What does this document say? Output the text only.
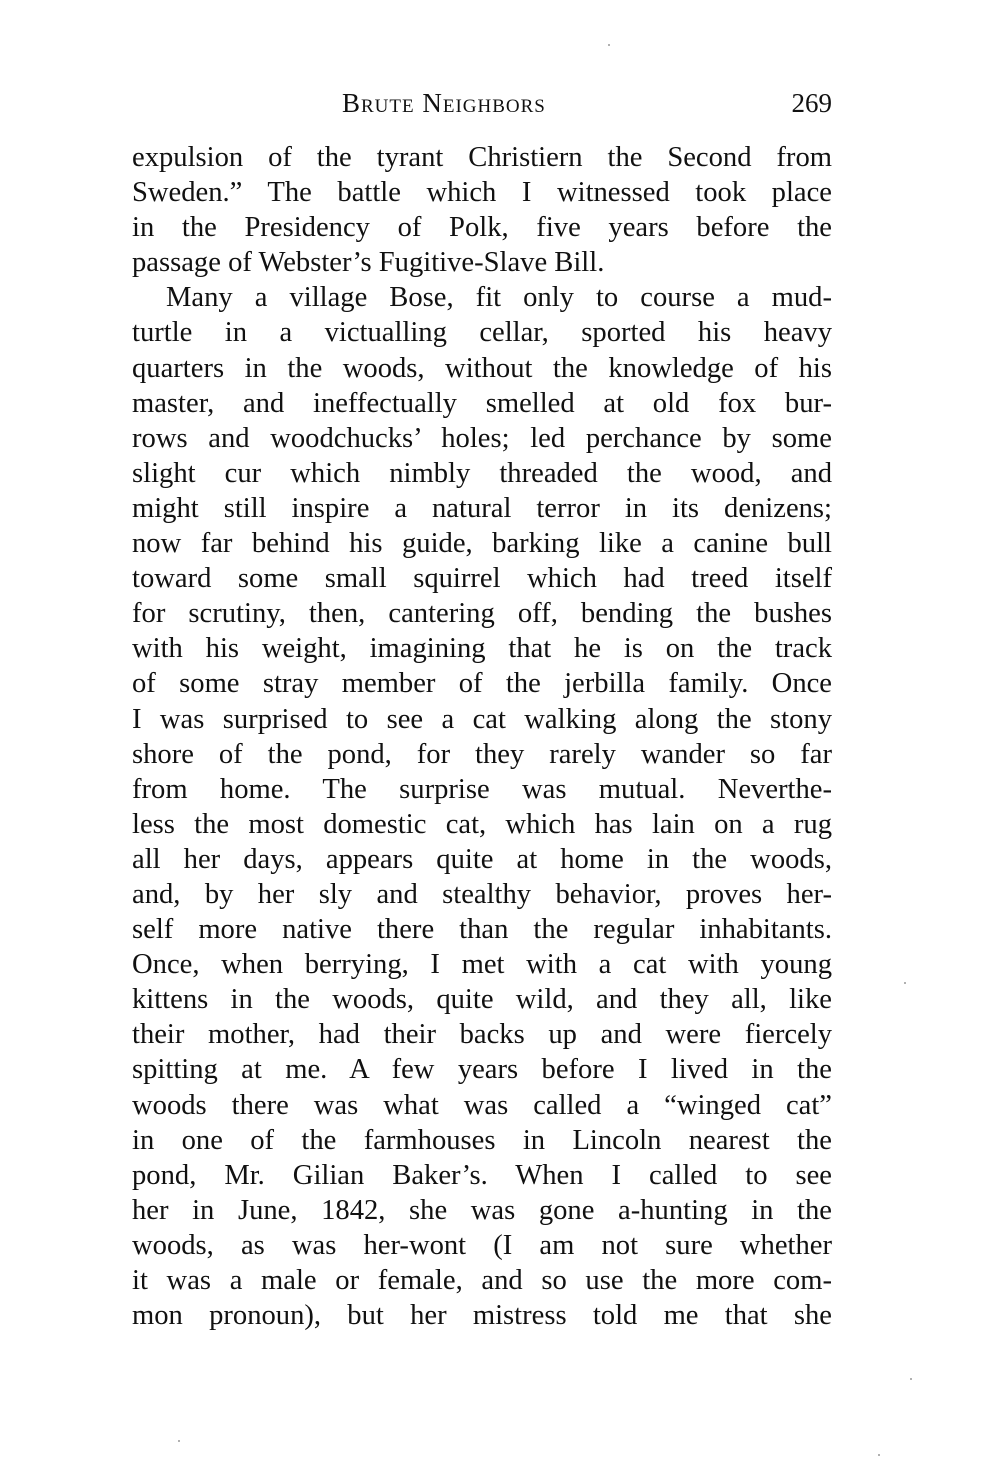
Brute Neighbors	269
expulsion of the tyrant Christiern the Second from
Sweden.” The battle which I witnessed took place
in the Presidency of Polk, five years before the
passage of Webster’s Fugitive-Slave Bill.
Many a village Bose, fit only to course a mud-
turtle in a victualling cellar, sported his heavy
quarters in the woods, without the knowledge of his
master, and ineffectually smelled at old fox bur-
rows and woodchucks’ holes; led perchance by some
slight cur which nimbly threaded the wood, and
might still inspire a natural terror in its denizens;
now far behind his guide, barking like a canine bull
toward some small squirrel which had treed itself
for scrutiny, then, cantering off, bending the bushes
with his weight, imagining that he is on the track
of some stray member of the jerbilla family. Once
I was surprised to see a cat walking along the stony
shore of the pond, for they rarely wander so far
from home. The surprise was mutual. Neverthe-
less the most domestic cat, which has lain on a rug
all her days, appears quite at home in the woods,
and, by her sly and stealthy behavior, proves her-
self more native there than the regular inhabitants.
Once, when berrying, I met with a cat with young
kittens in the woods, quite wild, and they all, like
their mother, had their backs up and were fiercely
spitting at me. A few years before I lived in the
woods there was what was called a “winged cat”
in one of the farmhouses in Lincoln nearest the
pond, Mr. Gilian Baker’s. When I called to see
her in June, 1842, she was gone a-hunting in the
woods, as was her-wont (I am not sure whether
it was a male or female, and so use the more com-
mon pronoun), but her mistress told me that she
